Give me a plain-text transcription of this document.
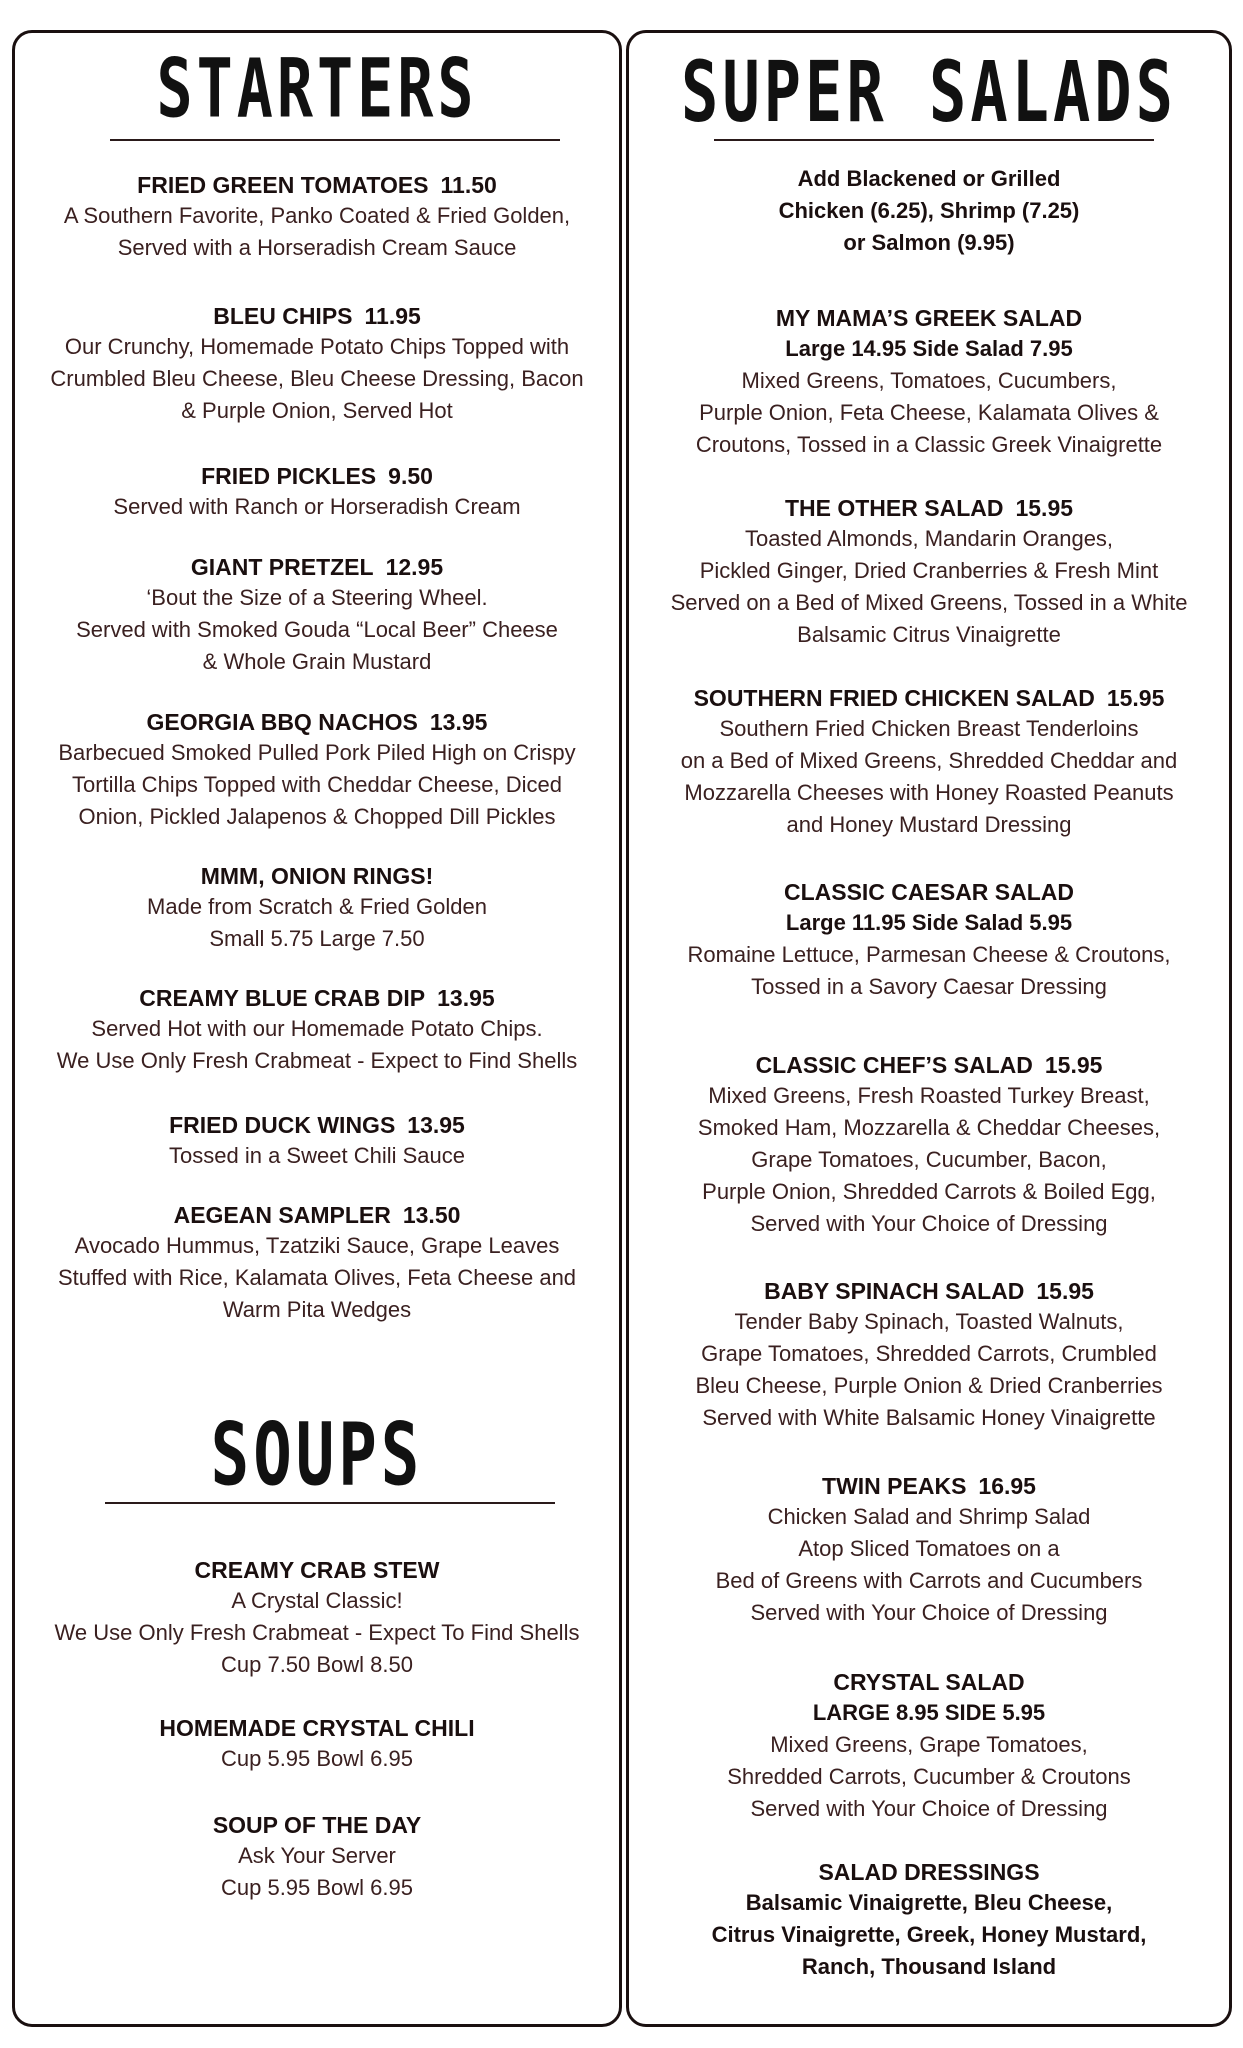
STARTERS
FRIED GREEN TOMATOES 11.50
A Southern Favorite, Panko Coated & Fried Golden,
Served with a Horseradish Cream Sauce
BLEU CHIPS 11.95
Our Crunchy, Homemade Potato Chips Topped with
Crumbled Bleu Cheese, Bleu Cheese Dressing, Bacon
& Purple Onion, Served Hot
FRIED PICKLES 9.50
Served with Ranch or Horseradish Cream
GIANT PRETZEL 12.95
‘Bout the Size of a Steering Wheel.
Served with Smoked Gouda “Local Beer” Cheese
& Whole Grain Mustard
GEORGIA BBQ NACHOS 13.95
Barbecued Smoked Pulled Pork Piled High on Crispy
Tortilla Chips Topped with Cheddar Cheese, Diced
Onion, Pickled Jalapenos & Chopped Dill Pickles
MMM, ONION RINGS!
Made from Scratch & Fried Golden
Small 5.75 Large 7.50
CREAMY BLUE CRAB DIP 13.95
Served Hot with our Homemade Potato Chips.
We Use Only Fresh Crabmeat - Expect to Find Shells
FRIED DUCK WINGS 13.95
Tossed in a Sweet Chili Sauce
AEGEAN SAMPLER 13.50
Avocado Hummus, Tzatziki Sauce, Grape Leaves
Stuffed with Rice, Kalamata Olives, Feta Cheese and
Warm Pita Wedges
SOUPS
CREAMY CRAB STEW
A Crystal Classic!
We Use Only Fresh Crabmeat - Expect To Find Shells
Cup 7.50 Bowl 8.50
HOMEMADE CRYSTAL CHILI
Cup 5.95 Bowl 6.95
SOUP OF THE DAY
Ask Your Server
Cup 5.95 Bowl 6.95
SUPER SALADS
Add Blackened or Grilled
Chicken (6.25), Shrimp (7.25)
or Salmon (9.95)
MY MAMA’S GREEK SALAD
Large 14.95 Side Salad 7.95
Mixed Greens, Tomatoes, Cucumbers,
Purple Onion, Feta Cheese, Kalamata Olives &
Croutons, Tossed in a Classic Greek Vinaigrette
THE OTHER SALAD 15.95
Toasted Almonds, Mandarin Oranges,
Pickled Ginger, Dried Cranberries & Fresh Mint
Served on a Bed of Mixed Greens, Tossed in a White
Balsamic Citrus Vinaigrette
SOUTHERN FRIED CHICKEN SALAD 15.95
Southern Fried Chicken Breast Tenderloins
on a Bed of Mixed Greens, Shredded Cheddar and
Mozzarella Cheeses with Honey Roasted Peanuts
and Honey Mustard Dressing
CLASSIC CAESAR SALAD
Large 11.95 Side Salad 5.95
Romaine Lettuce, Parmesan Cheese & Croutons,
Tossed in a Savory Caesar Dressing
CLASSIC CHEF’S SALAD 15.95
Mixed Greens, Fresh Roasted Turkey Breast,
Smoked Ham, Mozzarella & Cheddar Cheeses,
Grape Tomatoes, Cucumber, Bacon,
Purple Onion, Shredded Carrots & Boiled Egg,
Served with Your Choice of Dressing
BABY SPINACH SALAD 15.95
Tender Baby Spinach, Toasted Walnuts,
Grape Tomatoes, Shredded Carrots, Crumbled
Bleu Cheese, Purple Onion & Dried Cranberries
Served with White Balsamic Honey Vinaigrette
TWIN PEAKS 16.95
Chicken Salad and Shrimp Salad
Atop Sliced Tomatoes on a
Bed of Greens with Carrots and Cucumbers
Served with Your Choice of Dressing
CRYSTAL SALAD
LARGE 8.95 SIDE 5.95
Mixed Greens, Grape Tomatoes,
Shredded Carrots, Cucumber & Croutons
Served with Your Choice of Dressing
SALAD DRESSINGS
Balsamic Vinaigrette, Bleu Cheese,
Citrus Vinaigrette, Greek, Honey Mustard,
Ranch, Thousand Island
